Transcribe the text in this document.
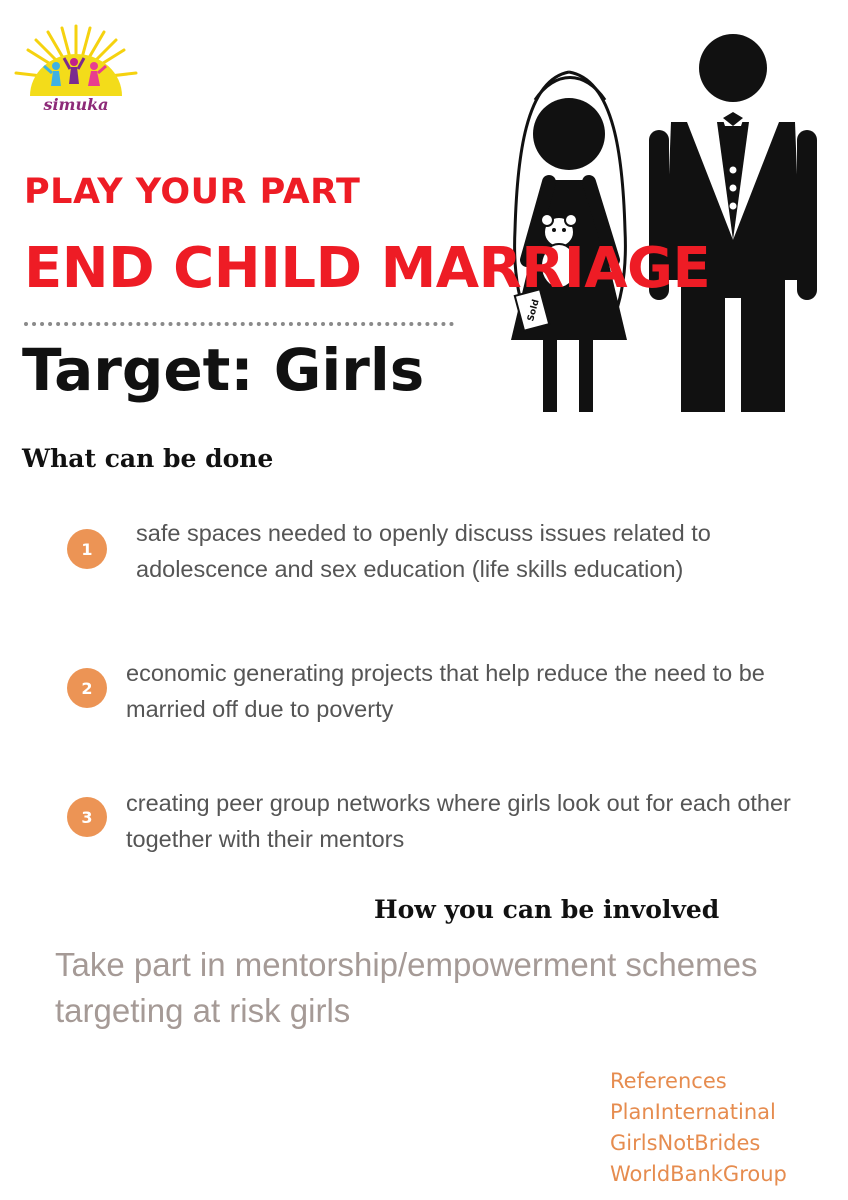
simuka
Sold
PLAY YOUR PART
END CHILD MARRIAGE
Target: Girls
What can be done
1

safe spaces needed to openly discuss issues related to adolescence and sex education (life skills education)

2

economic generating projects that help reduce the need to be married off due to poverty

3

creating peer group networks where girls look out for each other together with their mentors

How you can be involved

Take part in mentorship/empowerment schemes targeting at risk girls

References
PlanInternatinal
GirlsNotBrides
WorldBankGroup
